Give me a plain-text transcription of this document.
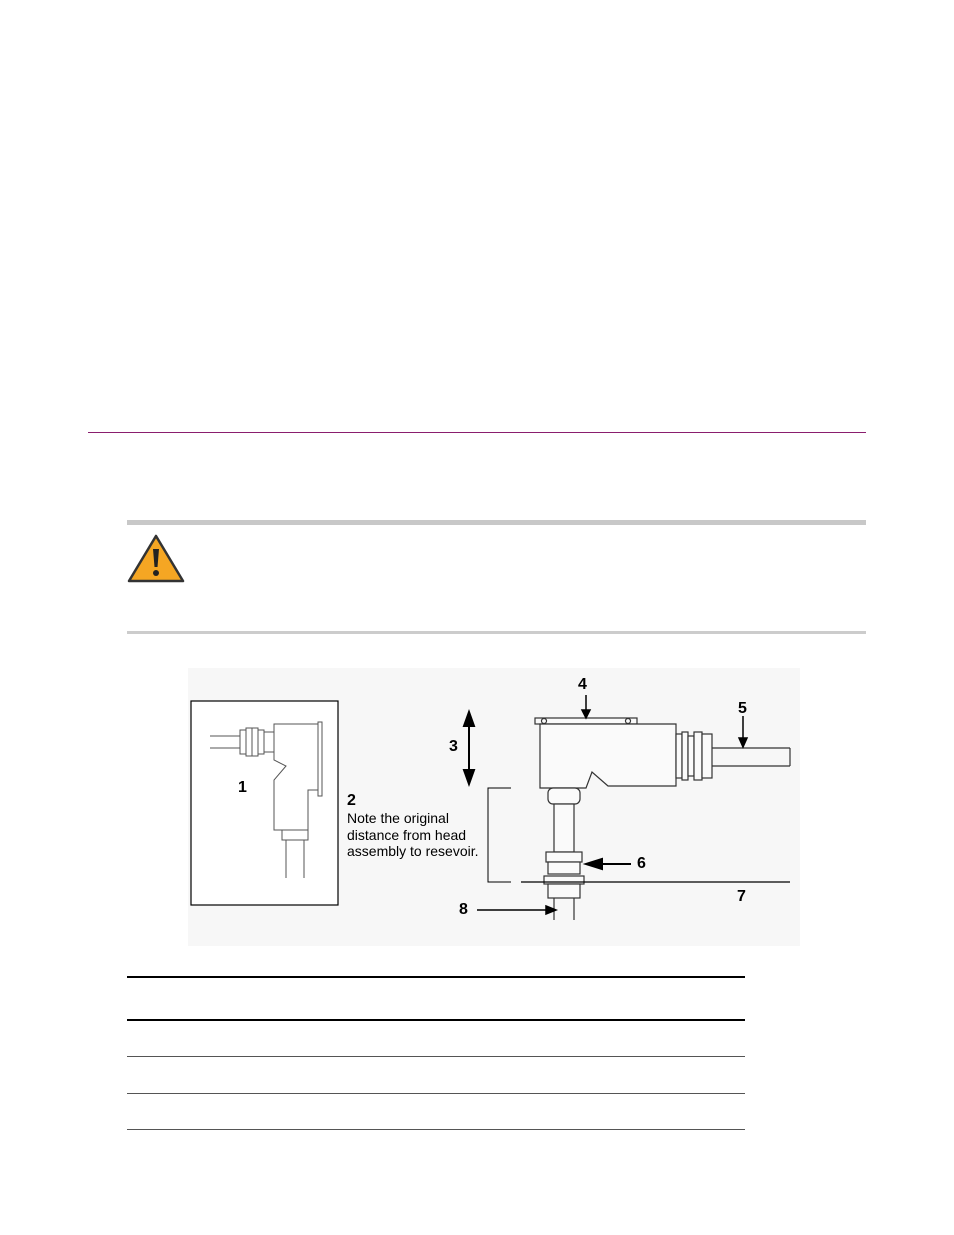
1
2
Note the original
distance from head
assembly to resevoir.
3
4
5
6
7
8
